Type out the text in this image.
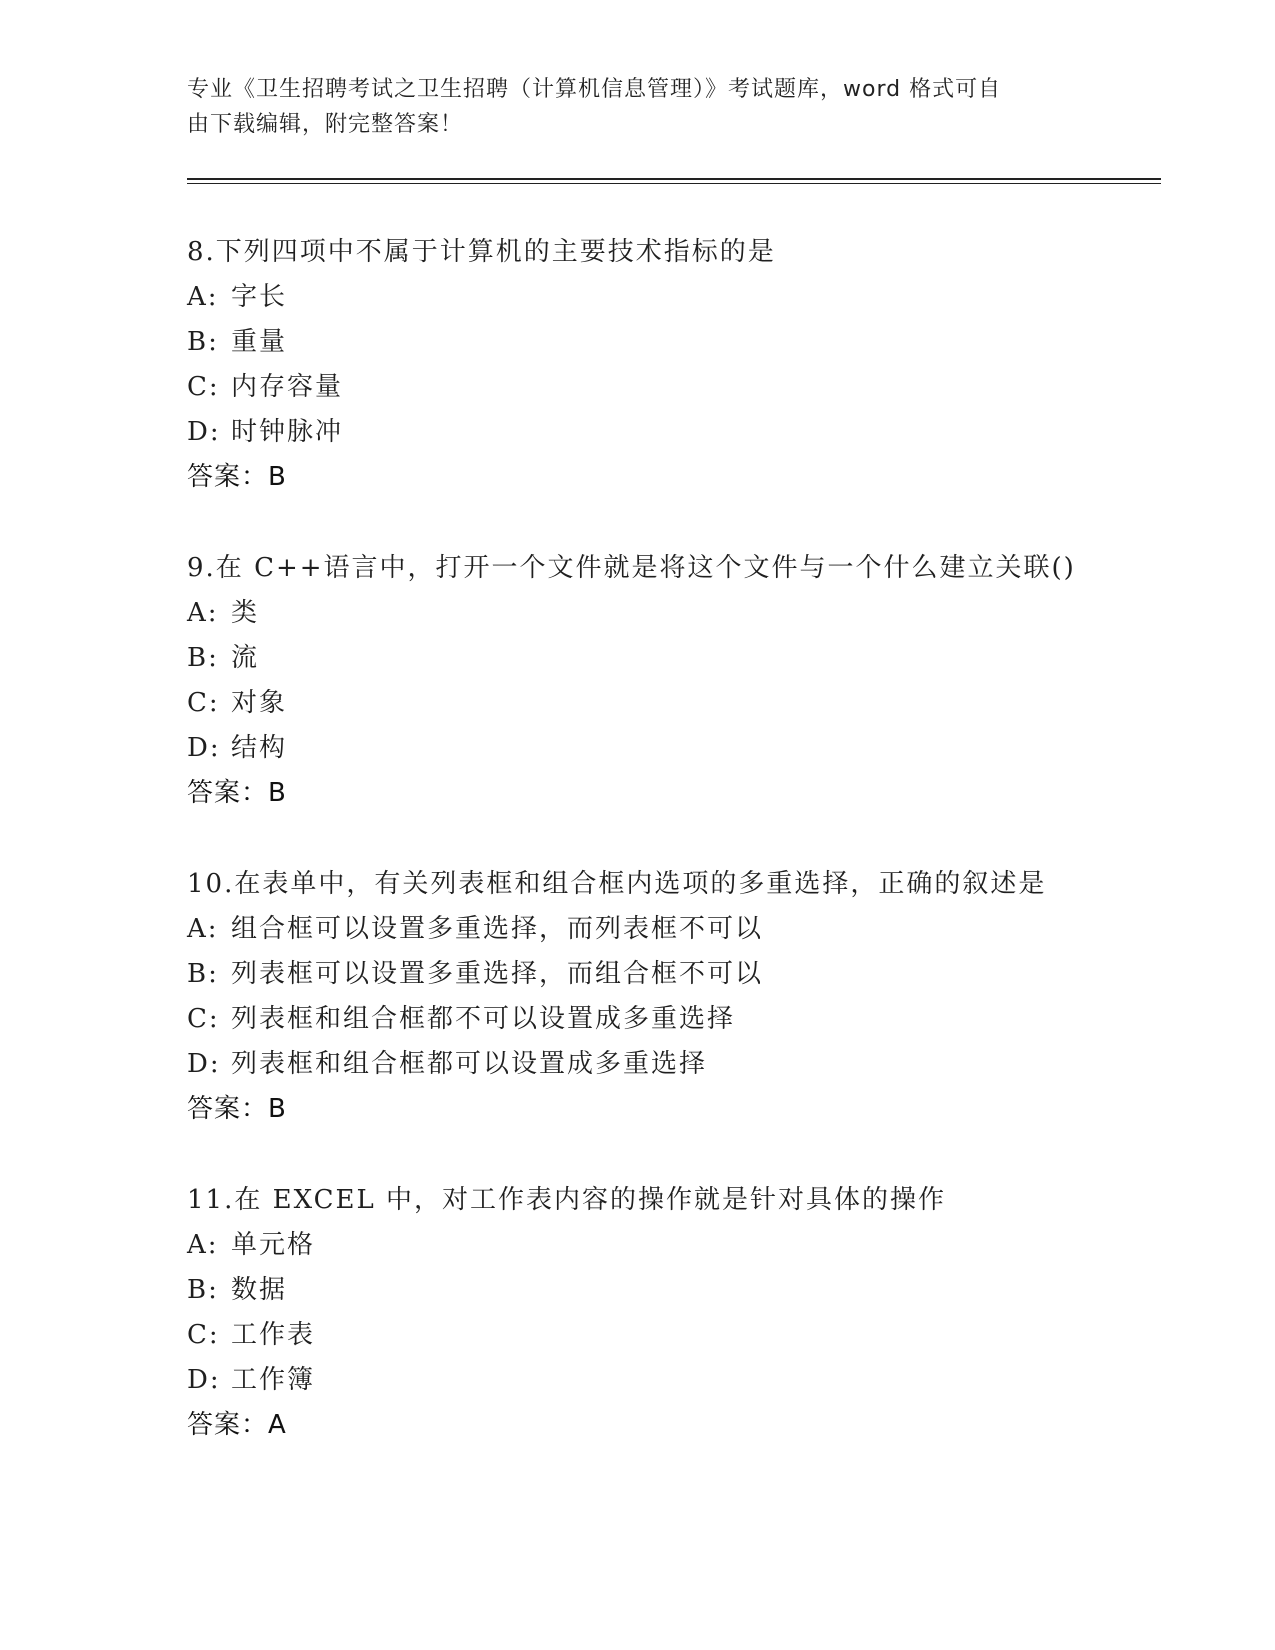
专业《卫生招聘考试之卫生招聘（计算机信息管理）》考试题库，word 格式可自
由下载编辑，附完整答案！
8.下列四项中不属于计算机的主要技术指标的是
A: 字长
B: 重量
C: 内存容量
D: 时钟脉冲
答案：B
9.在 C++语言中，打开一个文件就是将这个文件与一个什么建立关联()
A: 类
B: 流
C: 对象
D: 结构
答案：B
10.在表单中，有关列表框和组合框内选项的多重选择，正确的叙述是
A: 组合框可以设置多重选择，而列表框不可以
B: 列表框可以设置多重选择，而组合框不可以
C: 列表框和组合框都不可以设置成多重选择
D: 列表框和组合框都可以设置成多重选择
答案：B
11.在 EXCEL 中，对工作表内容的操作就是针对具体的操作
A: 单元格
B: 数据
C: 工作表
D: 工作簿
答案：A
